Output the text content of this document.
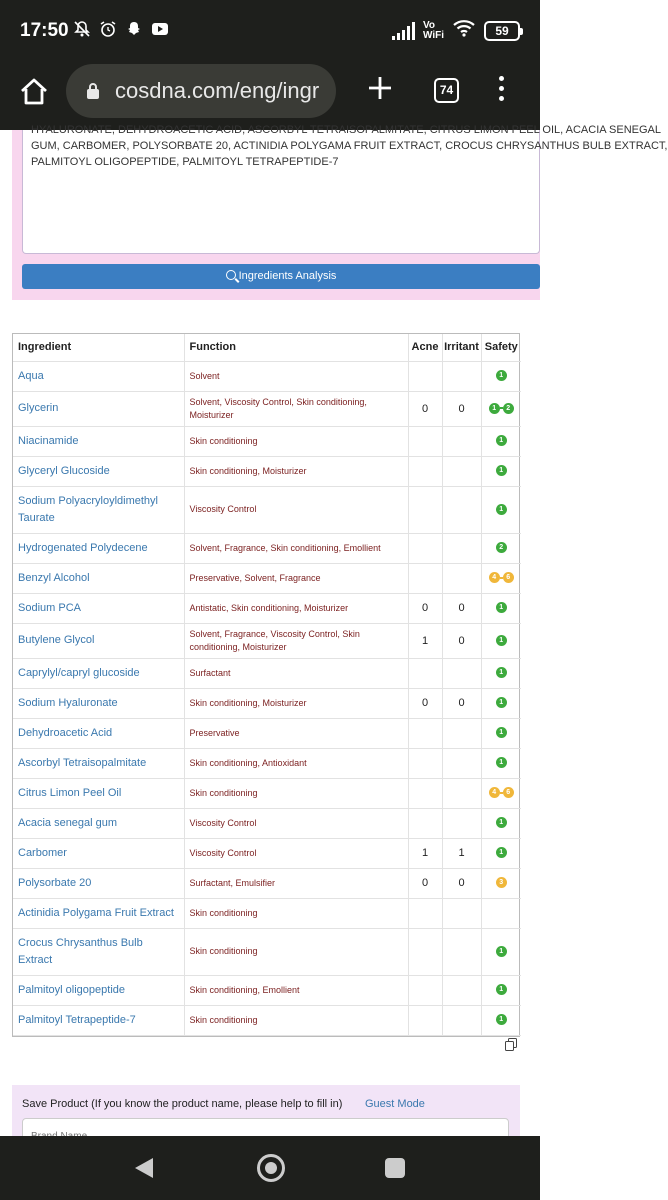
17:50	Vo
WiFi	59
cosdna.com/eng/ingr	74
HYALURONATE, DEHYDROACETIC ACID, ASCORBYL TETRAISOPALMITATE, CITRUS LIMON PEEL OIL, ACACIA SENEGAL
GUM, CARBOMER, POLYSORBATE 20, ACTINIDIA POLYGAMA FRUIT EXTRACT, CROCUS CHRYSANTHUS BULB EXTRACT,
PALMITOYL OLIGOPEPTIDE, PALMITOYL TETRAPEPTIDE-7
Ingredients Analysis
Ingredient	Function	Acne	Irritant	Safety
Aqua	Solvent			1
Glycerin	Solvent, Viscosity Control, Skin conditioning, Moisturizer	0	0	1 2
Niacinamide	Skin conditioning			1
Glyceryl Glucoside	Skin conditioning, Moisturizer			1
Sodium Polyacryloyldimethyl Taurate	Viscosity Control			1
Hydrogenated Polydecene	Solvent, Fragrance, Skin conditioning, Emollient			2
Benzyl Alcohol	Preservative, Solvent, Fragrance			4 6
Sodium PCA	Antistatic, Skin conditioning, Moisturizer	0	0	1
Butylene Glycol	Solvent, Fragrance, Viscosity Control, Skin conditioning, Moisturizer	1	0	1
Caprylyl/capryl glucoside	Surfactant			1
Sodium Hyaluronate	Skin conditioning, Moisturizer	0	0	1
Dehydroacetic Acid	Preservative			1
Ascorbyl Tetraisopalmitate	Skin conditioning, Antioxidant			1
Citrus Limon Peel Oil	Skin conditioning			4 6
Acacia senegal gum	Viscosity Control			1
Carbomer	Viscosity Control	1	1	1
Polysorbate 20	Surfactant, Emulsifier	0	0	3
Actinidia Polygama Fruit Extract	Skin conditioning			
Crocus Chrysanthus Bulb Extract	Skin conditioning			1
Palmitoyl oligopeptide	Skin conditioning, Emollient			1
Palmitoyl Tetrapeptide-7	Skin conditioning			1
Save Product (If you know the product name, please help to fill in) Guest Mode
Brand Name
